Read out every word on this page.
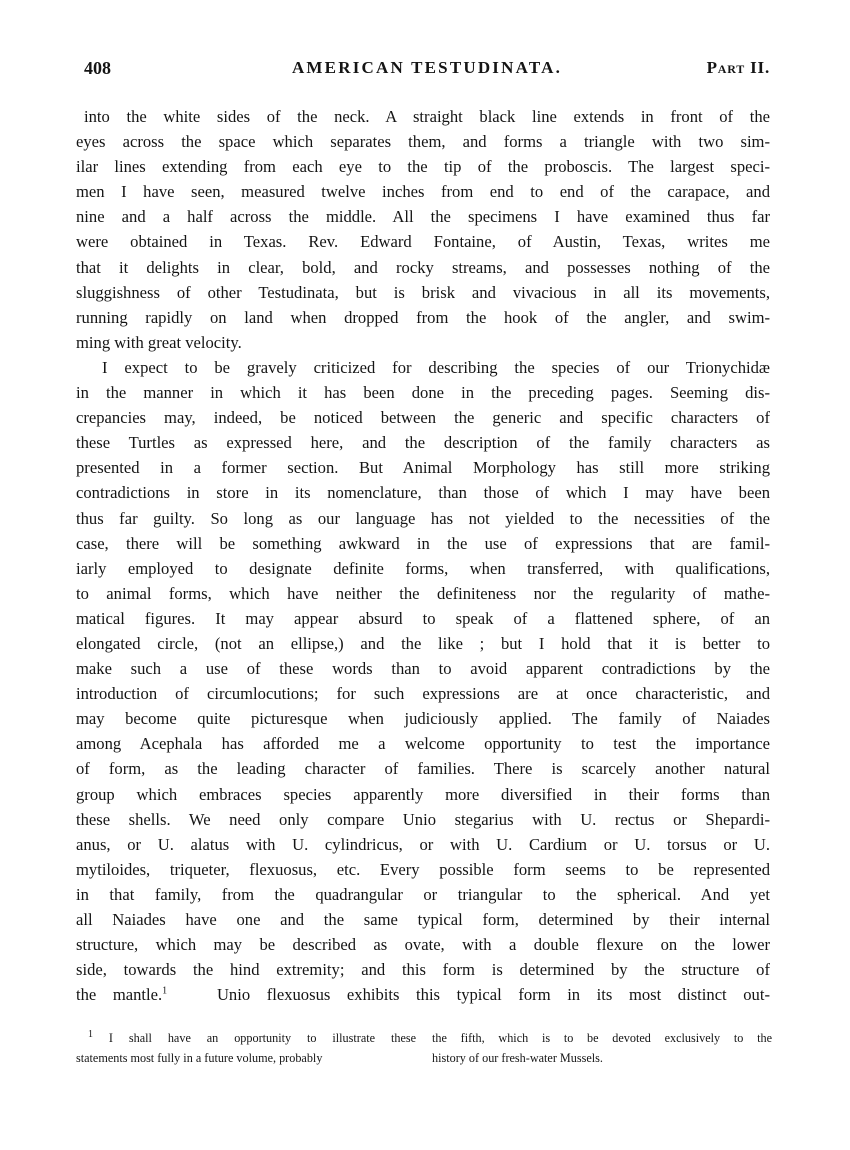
408	AMERICAN TESTUDINATA.	Part II.
into the white sides of the neck. A straight black line extends in front of the
eyes across the space which separates them, and forms a triangle with two sim-
ilar lines extending from each eye to the tip of the proboscis. The largest speci-
men I have seen, measured twelve inches from end to end of the carapace, and
nine and a half across the middle. All the specimens I have examined thus far
were obtained in Texas. Rev. Edward Fontaine, of Austin, Texas, writes me
that it delights in clear, bold, and rocky streams, and possesses nothing of the
sluggishness of other Testudinata, but is brisk and vivacious in all its movements,
running rapidly on land when dropped from the hook of the angler, and swim-
ming with great velocity.
I expect to be gravely criticized for describing the species of our Trionychidæ
in the manner in which it has been done in the preceding pages. Seeming dis-
crepancies may, indeed, be noticed between the generic and specific characters of
these Turtles as expressed here, and the description of the family characters as
presented in a former section. But Animal Morphology has still more striking
contradictions in store in its nomenclature, than those of which I may have been
thus far guilty. So long as our language has not yielded to the necessities of the
case, there will be something awkward in the use of expressions that are famil-
iarly employed to designate definite forms, when transferred, with qualifications,
to animal forms, which have neither the definiteness nor the regularity of mathe-
matical figures. It may appear absurd to speak of a flattened sphere, of an
elongated circle, (not an ellipse,) and the like ; but I hold that it is better to
make such a use of these words than to avoid apparent contradictions by the
introduction of circumlocutions; for such expressions are at once characteristic, and
may become quite picturesque when judiciously applied. The family of Naiades
among Acephala has afforded me a welcome opportunity to test the importance
of form, as the leading character of families. There is scarcely another natural
group which embraces species apparently more diversified in their forms than
these shells. We need only compare Unio stegarius with U. rectus or Shepardi-
anus, or U. alatus with U. cylindricus, or with U. Cardium or U. torsus or U.
mytiloides, triqueter, flexuosus, etc. Every possible form seems to be represented
in that family, from the quadrangular or triangular to the spherical. And yet
all Naiades have one and the same typical form, determined by their internal
structure, which may be described as ovate, with a double flexure on the lower
side, towards the hind extremity; and this form is determined by the structure of
the mantle.$^1$	Unio flexuosus exhibits this typical form in its most distinct out-
$^1$ I shall have an opportunity to illustrate these
statements most fully in a future volume, probably
the fifth, which is to be devoted exclusively to the
history of our fresh-water Mussels.
